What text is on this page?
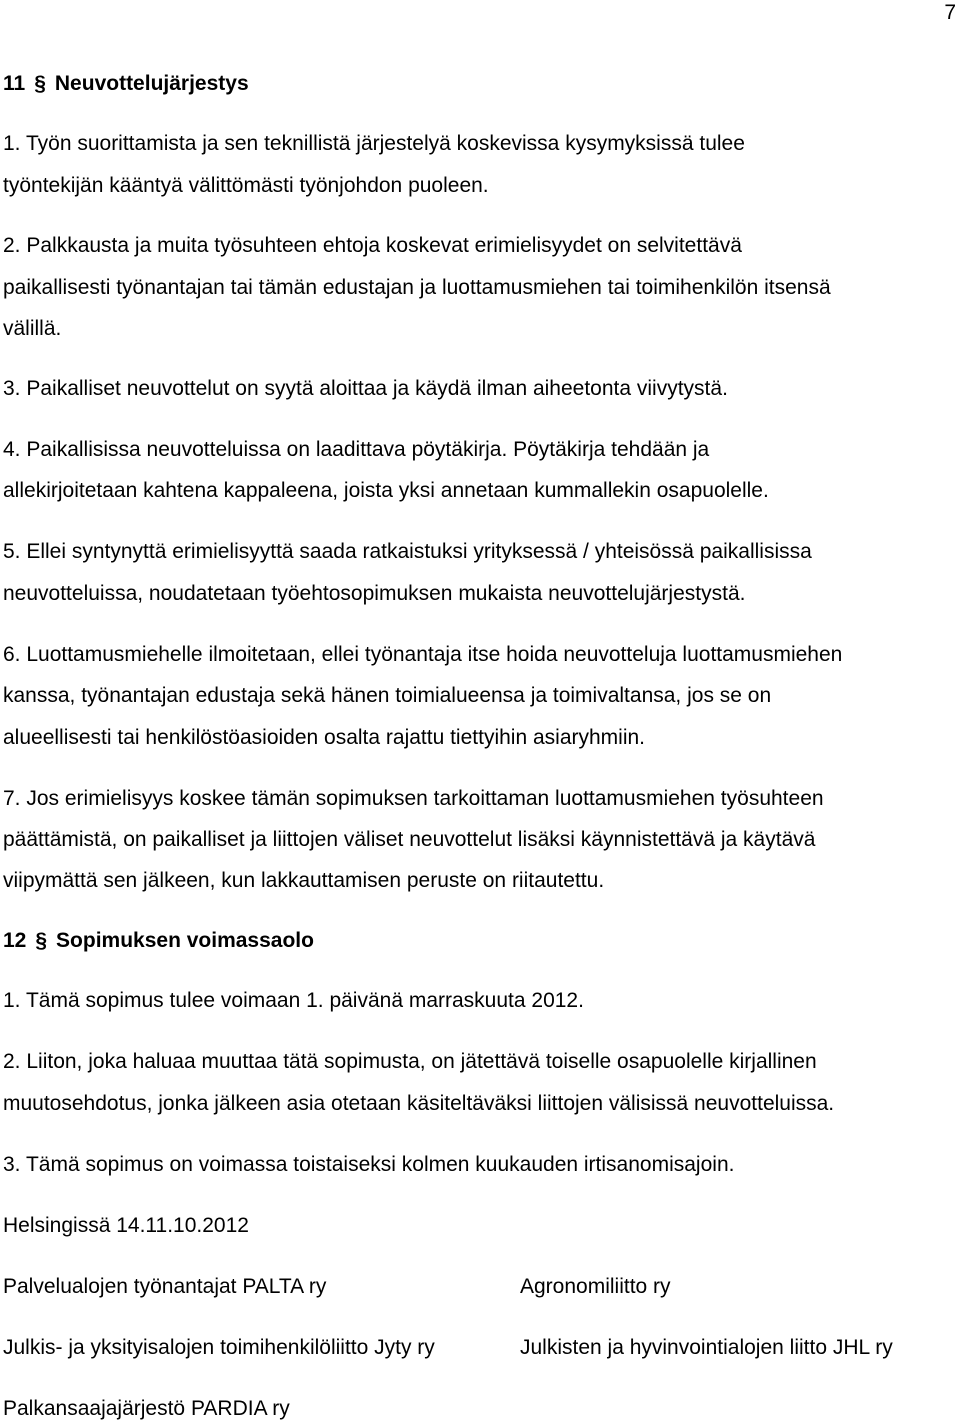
7
11 § Neuvottelujärjestys
1. Työn suorittamista ja sen teknillistä järjestelyä koskevissa kysymyksissä tulee
työntekijän kääntyä välittömästi työnjohdon puoleen.
2. Palkkausta ja muita työsuhteen ehtoja koskevat erimielisyydet on selvitettävä
paikallisesti työnantajan tai tämän edustajan ja luottamusmiehen tai toimihenkilön itsensä
välillä.
3. Paikalliset neuvottelut on syytä aloittaa ja käydä ilman aiheetonta viivytystä.
4. Paikallisissa neuvotteluissa on laadittava pöytäkirja. Pöytäkirja tehdään ja
allekirjoitetaan kahtena kappaleena, joista yksi annetaan kummallekin osapuolelle.
5. Ellei syntynyttä erimielisyyttä saada ratkaistuksi yrityksessä / yhteisössä paikallisissa
neuvotteluissa, noudatetaan työehtosopimuksen mukaista neuvottelujärjestystä.
6. Luottamusmiehelle ilmoitetaan, ellei työnantaja itse hoida neuvotteluja luottamusmiehen
kanssa, työnantajan edustaja sekä hänen toimialueensa ja toimivaltansa, jos se on
alueellisesti tai henkilöstöasioiden osalta rajattu tiettyihin asiaryhmiin.
7. Jos erimielisyys koskee tämän sopimuksen tarkoittaman luottamusmiehen työsuhteen
päättämistä, on paikalliset ja liittojen väliset neuvottelut lisäksi käynnistettävä ja käytävä
viipymättä sen jälkeen, kun lakkauttamisen peruste on riitautettu.
12 § Sopimuksen voimassaolo
1. Tämä sopimus tulee voimaan 1. päivänä marraskuuta 2012.
2. Liiton, joka haluaa muuttaa tätä sopimusta, on jätettävä toiselle osapuolelle kirjallinen
muutosehdotus, jonka jälkeen asia otetaan käsiteltäväksi liittojen välisissä neuvotteluissa.
3. Tämä sopimus on voimassa toistaiseksi kolmen kuukauden irtisanomisajoin.
Helsingissä 14.11.10.2012
Palvelualojen työnantajat PALTA ry	Agronomiliitto ry
Julkis- ja yksityisalojen toimihenkilöliitto Jyty ry	Julkisten ja hyvinvointialojen liitto JHL ry
Palkansaajajärjestö PARDIA ry
